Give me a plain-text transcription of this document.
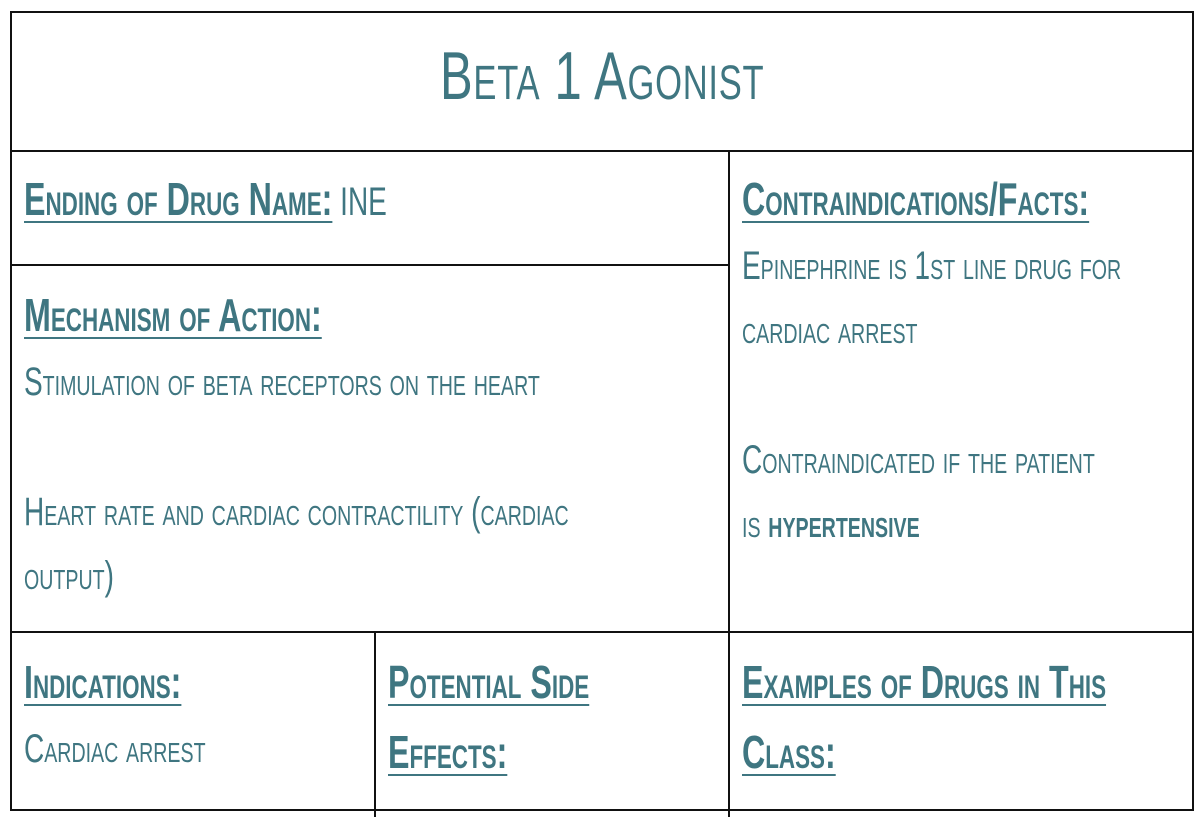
Beta 1 Agonist
Ending of Drug Name: INE
Mechanism of Action:
Stimulation of beta receptors on the heart
Heart rate and cardiac contractility (cardiac
output)
Contraindications/Facts:
Epinephrine is 1st line drug for
cardiac arrest
Contraindicated if the patient
is hypertensive
Indications:
Cardiac arrest
Potential Side
Effects:
Examples of Drugs in This
Class:
